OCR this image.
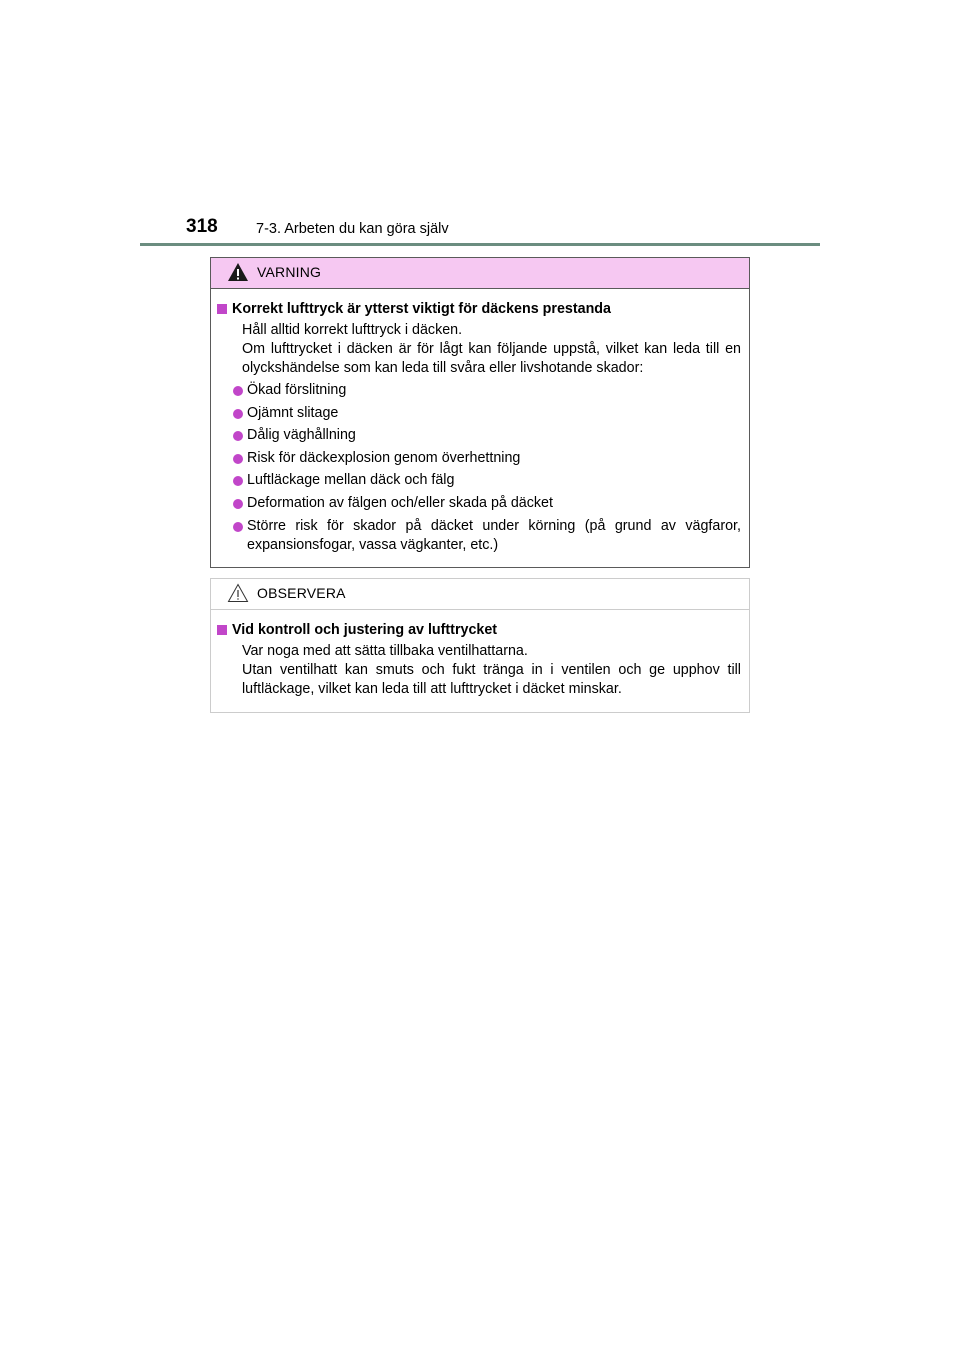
318	7-3. Arbeten du kan göra själv
VARNING
Korrekt lufttryck är ytterst viktigt för däckens prestanda
Håll alltid korrekt lufttryck i däcken.
Om lufttrycket i däcken är för lågt kan följande uppstå, vilket kan leda till en olyckshändelse som kan leda till svåra eller livshotande skador:
Ökad förslitning
Ojämnt slitage
Dålig väghållning
Risk för däckexplosion genom överhettning
Luftläckage mellan däck och fälg
Deformation av fälgen och/eller skada på däcket
Större risk för skador på däcket under körning (på grund av vägfaror, expansionsfogar, vassa vägkanter, etc.)
OBSERVERA
Vid kontroll och justering av lufttrycket
Var noga med att sätta tillbaka ventilhattarna.
Utan ventilhatt kan smuts och fukt tränga in i ventilen och ge upphov till luftläckage, vilket kan leda till att lufttrycket i däcket minskar.
